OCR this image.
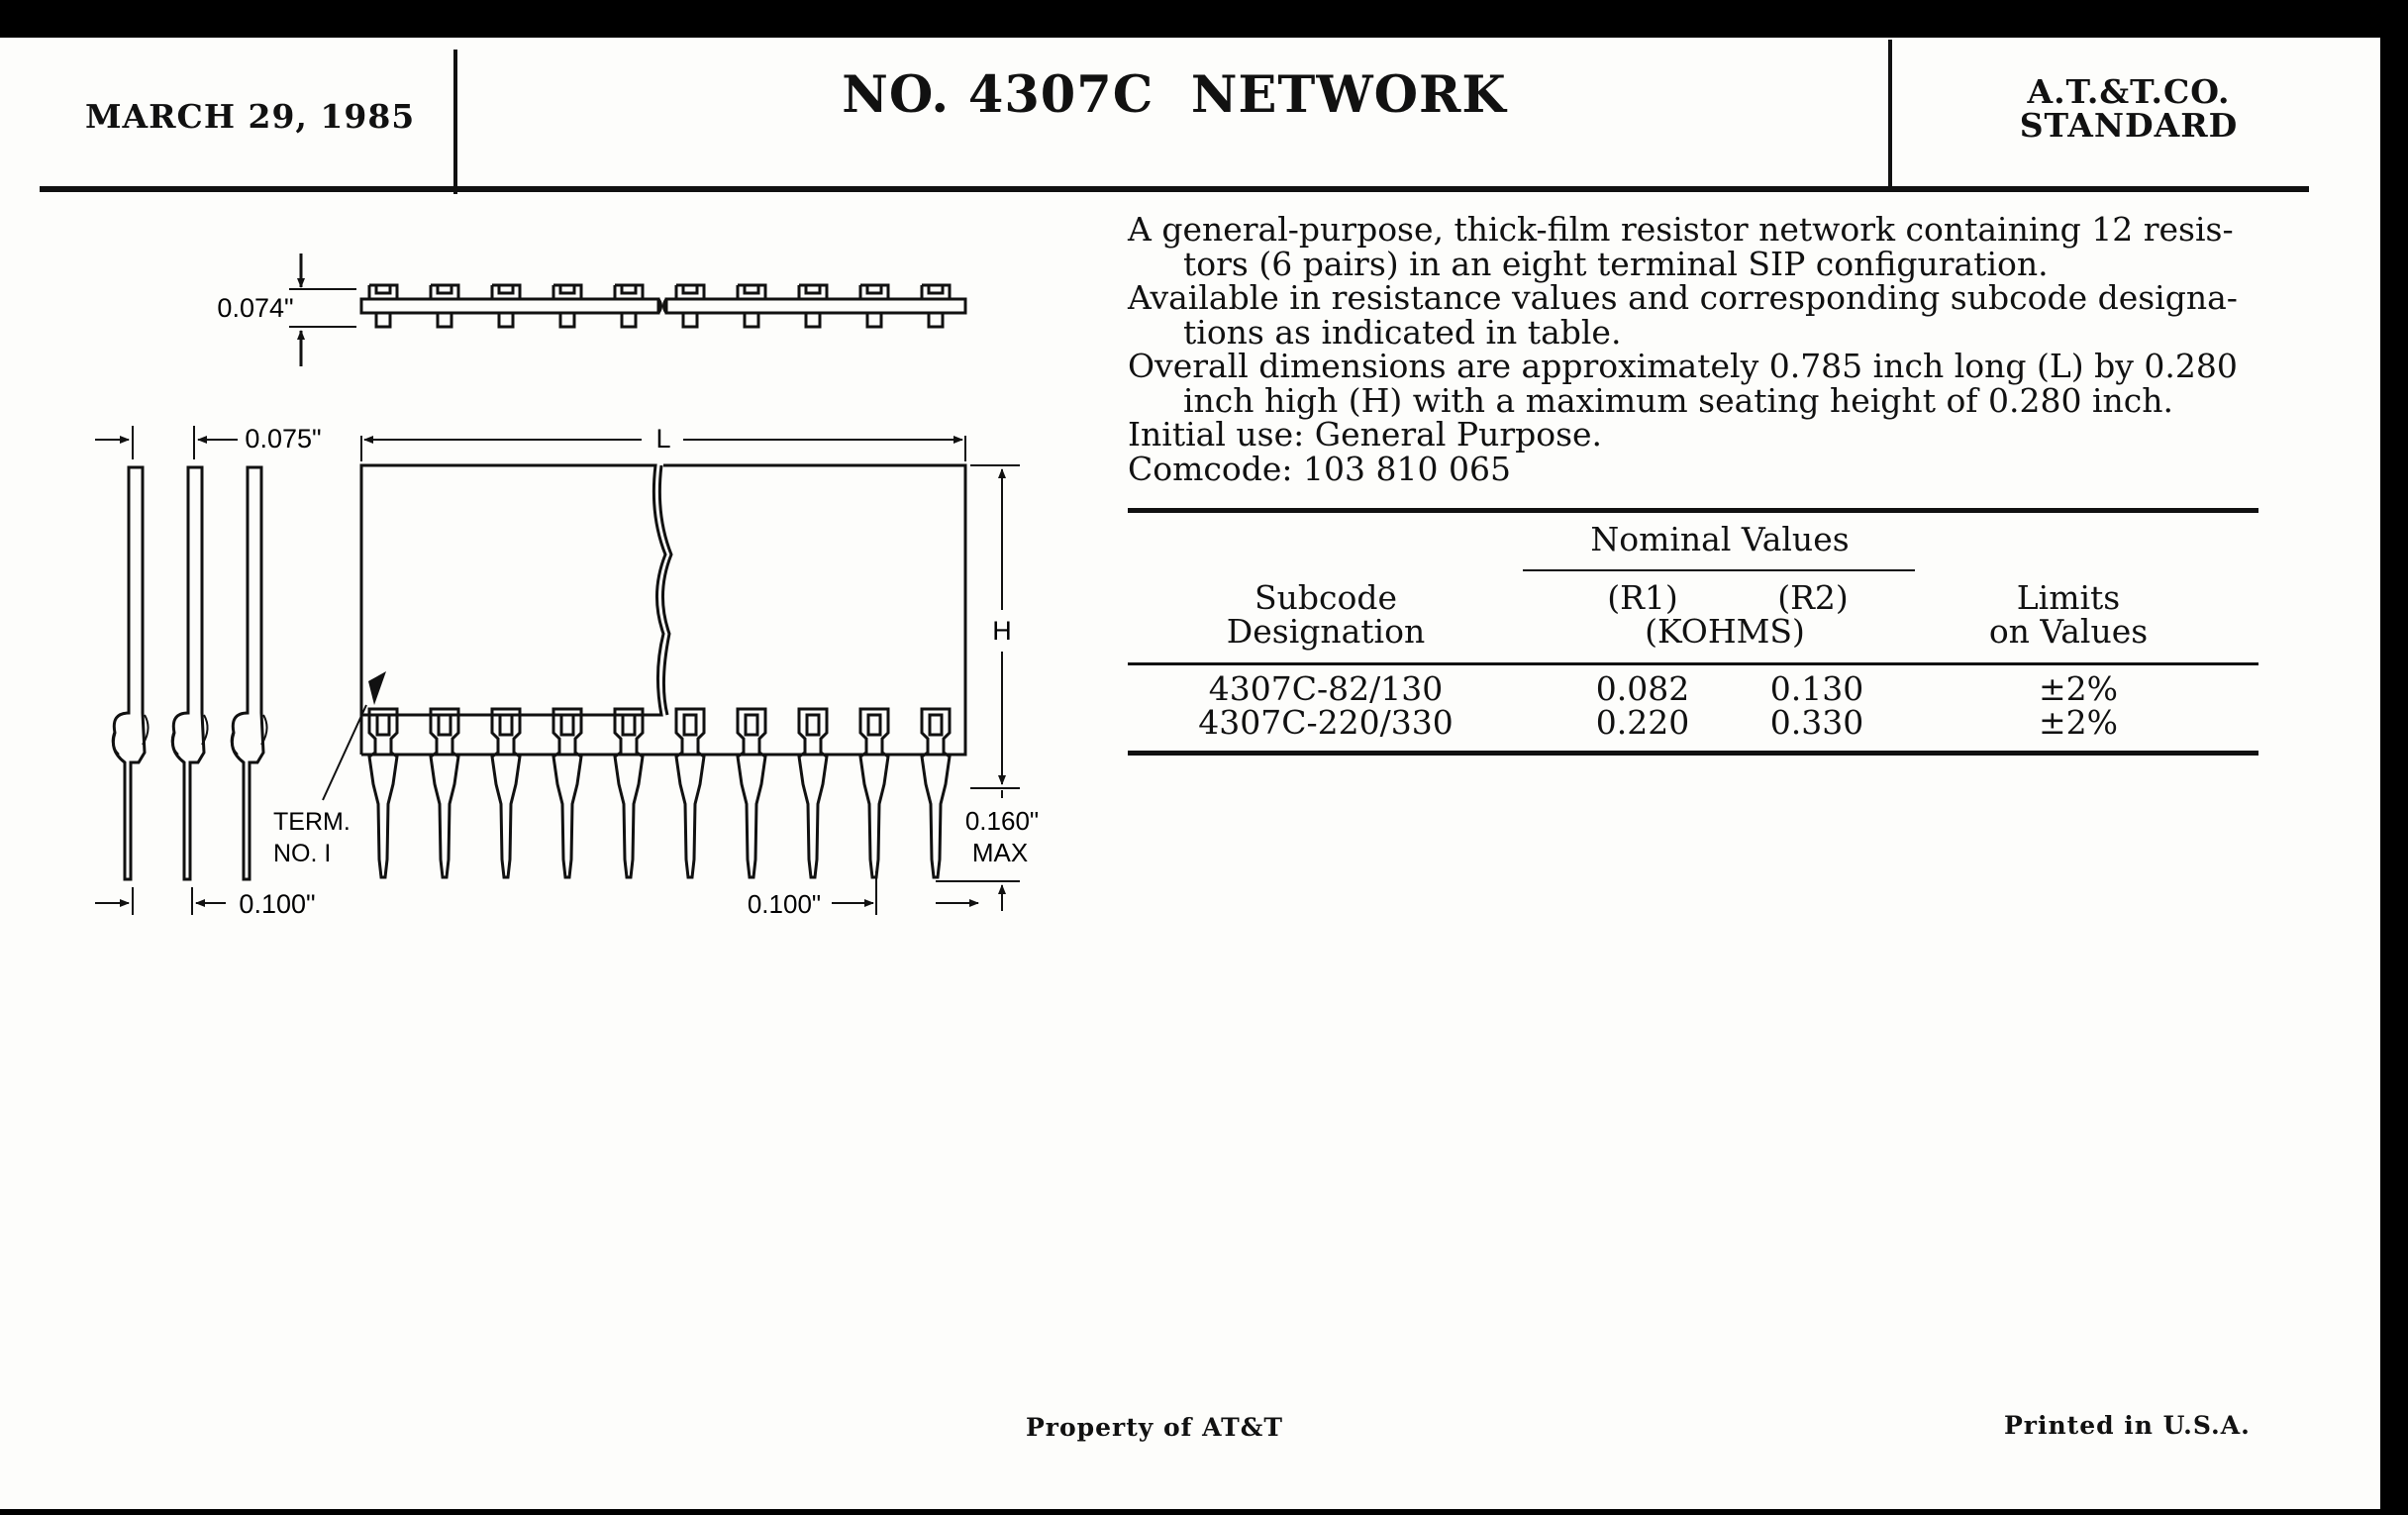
MARCH 29, 1985	NO. 4307C  NETWORK	A.T.&T.CO.
STANDARD

A general-purpose, thick-film resistor network containing 12 resis-
tors (6 pairs) in an eight terminal SIP configuration.

Available in resistance values and corresponding subcode designa-
tions as indicated in table.

Overall dimensions are approximately 0.785 inch long (L) by 0.280
inch high (H) with a maximum seating height of 0.280 inch.

Initial use: General Purpose.

Comcode: 103 810 065

Nominal Values
Subcode
Designation
(R1)	(R2)
(KOHMS)
Limits
on Values
4307C-82/130	0.082	0.130	±2%
4307C-220/330	0.220	0.330	±2%
0.074"
L
H
0.160"
MAX
0.100"
TERM.
NO. I
0.075"
0.100"
Property of AT&T	Printed in U.S.A.
